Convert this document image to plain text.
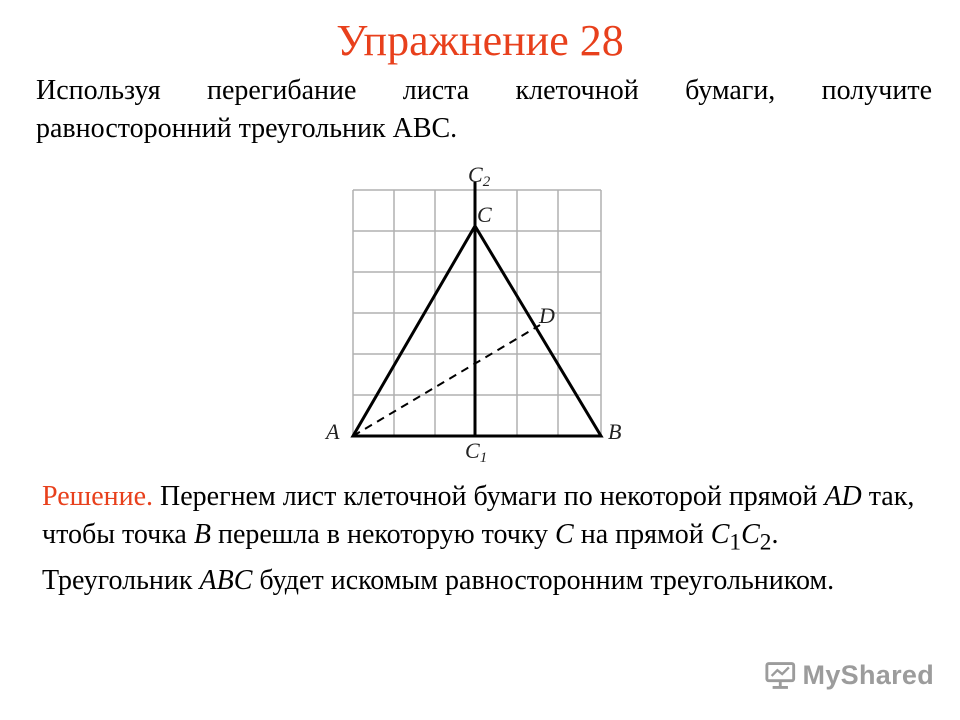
Упражнение 28
Используя перегибание листа клеточной бумаги, получите равносторонний треугольник ABC.
C2
C
D
A	B
C1
Решение. Перегнем лист клеточной бумаги по некоторой прямой AD так, чтобы точка B перешла в некоторую точку C на прямой $C_1C_2$. Треугольник ABC будет искомым равносторонним треугольником.
MyShared
